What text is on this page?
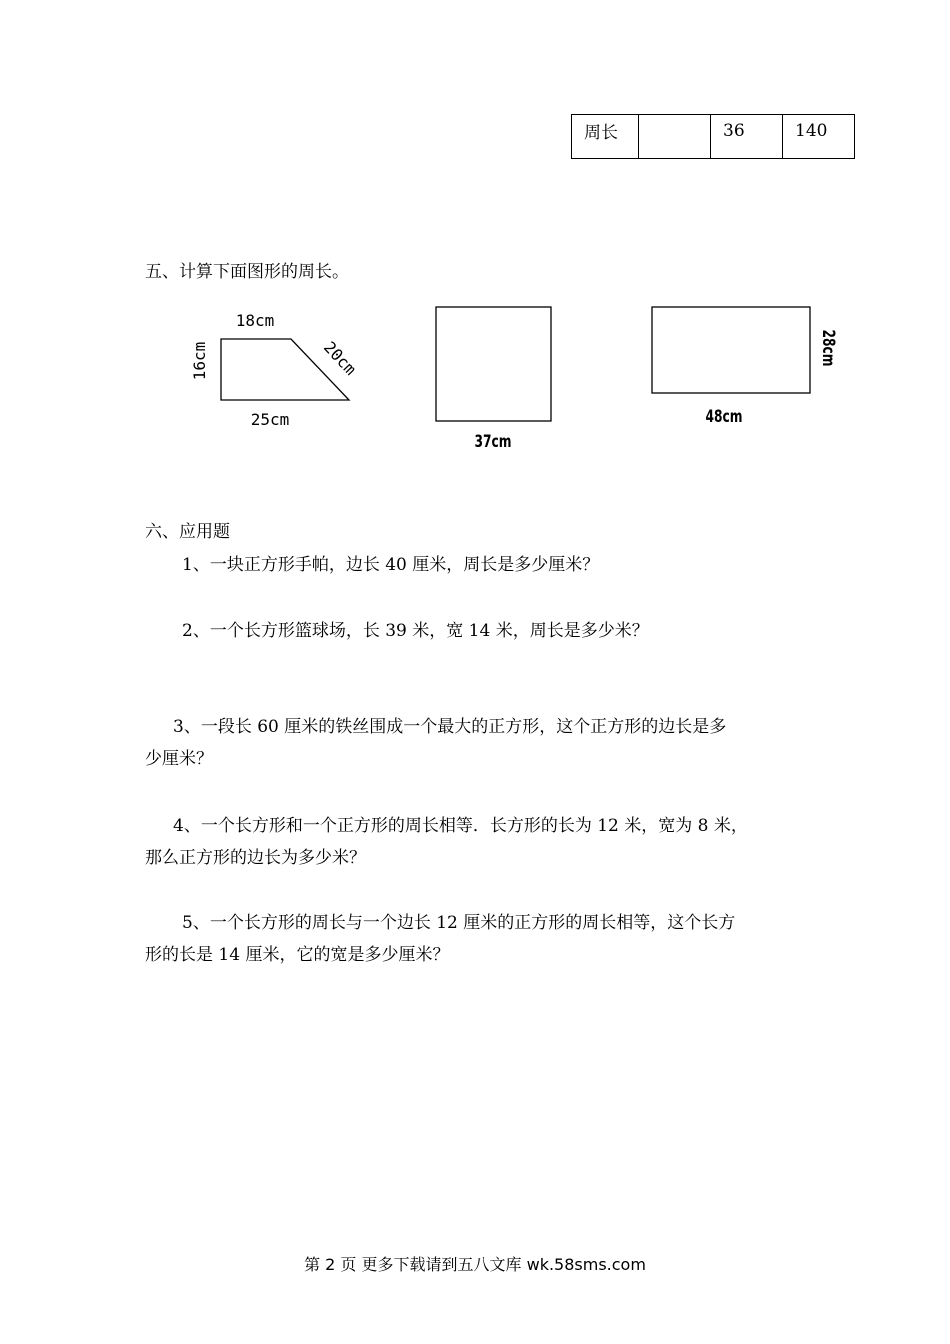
周长		36	140
五、计算下面图形的周长。
18cm
16cm	20cm
25cm
37cm
48cm
28cm
六、应用题
1、一块正方形手帕，边长 40 厘米，周长是多少厘米？
2、一个长方形篮球场，长 39 米，宽 14 米，周长是多少米？
3、一段长 60 厘米的铁丝围成一个最大的正方形，这个正方形的边长是多
少厘米？
4、一个长方形和一个正方形的周长相等．长方形的长为 12 米，宽为 8 米，
那么正方形的边长为多少米？
5、一个长方形的周长与一个边长 12 厘米的正方形的周长相等，这个长方
形的长是 14 厘米，它的宽是多少厘米？
第 2 页 更多下载请到五八文库 wk.58sms.com
